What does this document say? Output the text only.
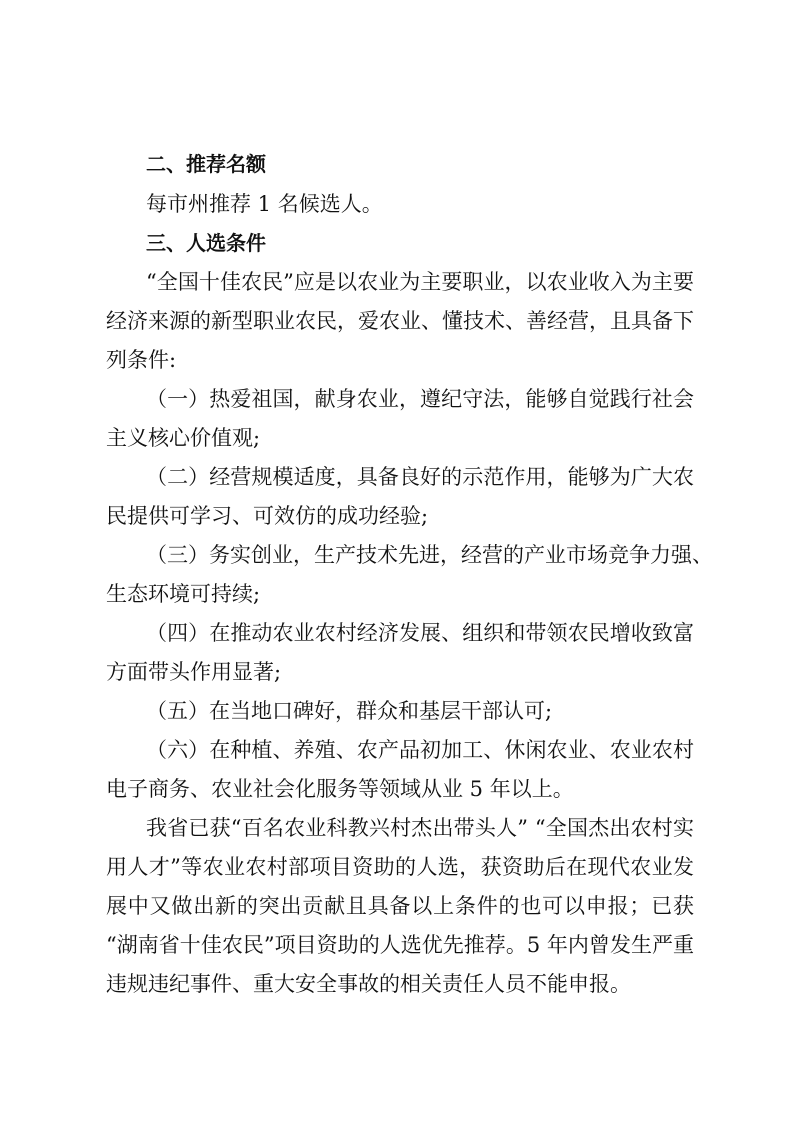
二、推荐名额
每市州推荐 1 名候选人。
三、人选条件
“全国十佳农民”应是以农业为主要职业，以农业收入为主要
经济来源的新型职业农民，爱农业、懂技术、善经营，且具备下
列条件:
（一）热爱祖国，献身农业，遵纪守法，能够自觉践行社会
主义核心价值观;
（二）经营规模适度，具备良好的示范作用，能够为广大农
民提供可学习、可效仿的成功经验;
（三）务实创业，生产技术先进，经营的产业市场竞争力强、
生态环境可持续;
（四）在推动农业农村经济发展、组织和带领农民增收致富
方面带头作用显著;
（五）在当地口碑好，群众和基层干部认可;
（六）在种植、养殖、农产品初加工、休闲农业、农业农村
电子商务、农业社会化服务等领域从业 5 年以上。
我省已获“百名农业科教兴村杰出带头人” “全国杰出农村实
用人才”等农业农村部项目资助的人选，获资助后在现代农业发
展中又做出新的突出贡献且具备以上条件的也可以申报；已获
“湖南省十佳农民”项目资助的人选优先推荐。5 年内曾发生严重
违规违纪事件、重大安全事故的相关责任人员不能申报。
